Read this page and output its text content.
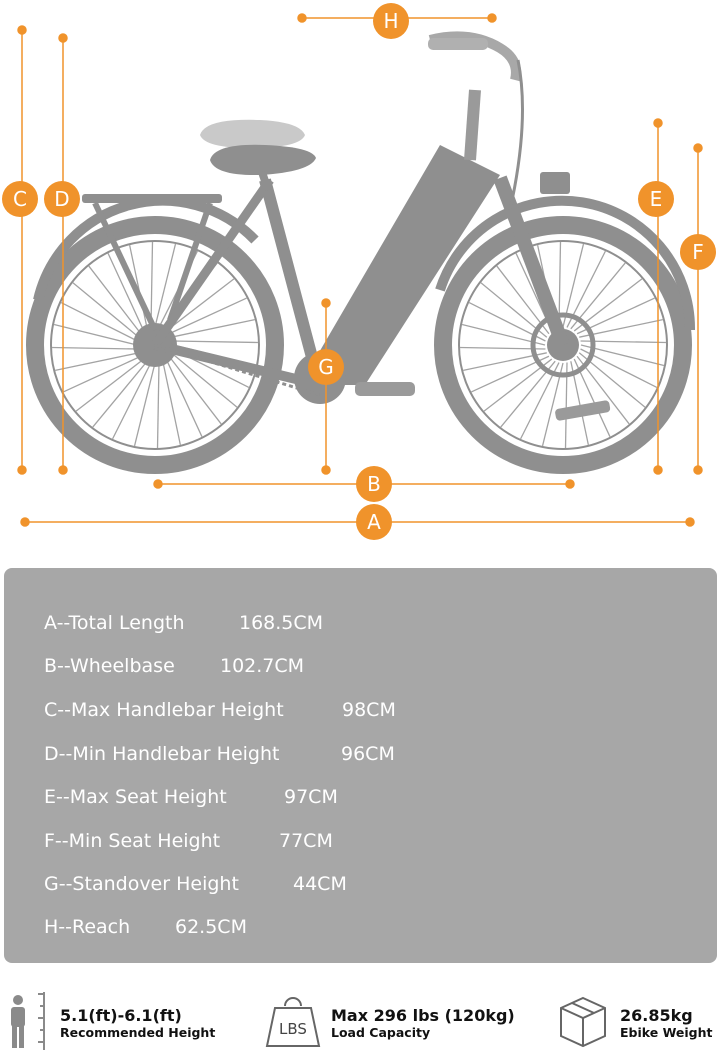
A
B
C D	E
F
G
H
A--Total Length	168.5CM
B--Wheelbase 102.7CM
C--Max Handlebar Height	98CM
D--Min Handlebar Height	96CM
E--Max Seat Height	97CM
F--Min Seat Height	77CM
G--Standover Height	44CM
H--Reach 62.5CM
5.1(ft)-6.1(ft)
Recommended Height	LBS
Max 296 lbs (120kg)
Load Capacity
26.85kg
Ebike Weight
